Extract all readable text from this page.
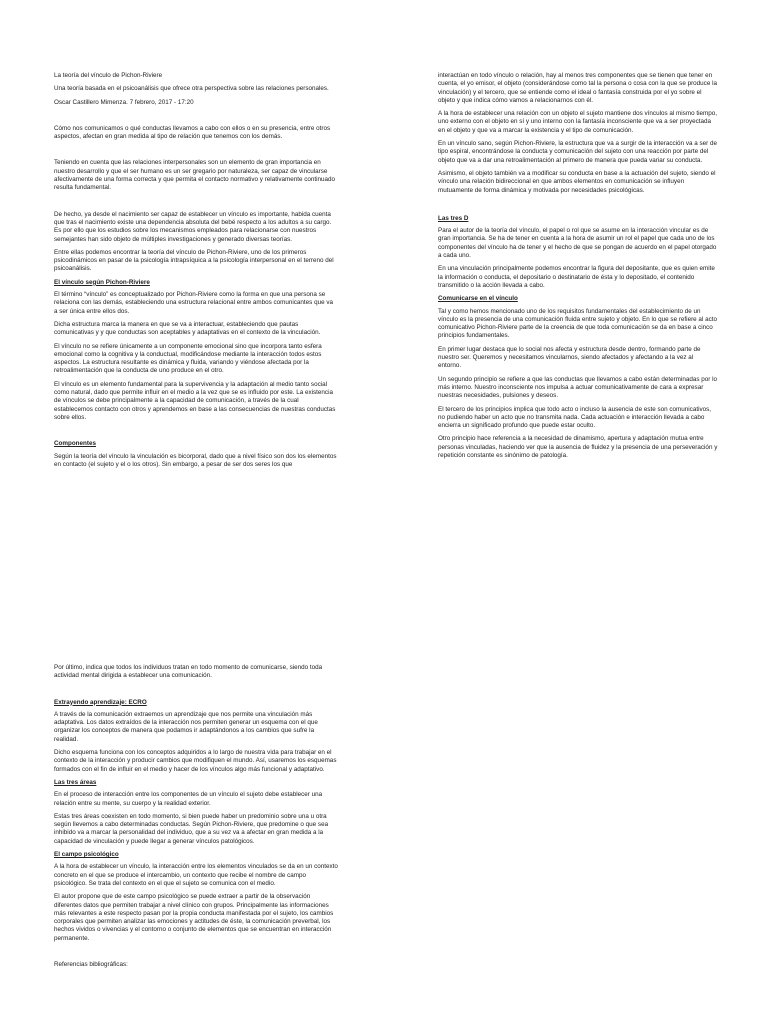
La teoría del vínculo de Pichon-Riviere

Una teoría basada en el psicoanálisis que ofrece otra perspectiva sobre las relaciones personales.

Oscar Castillero Mimenza. 7 febrero, 2017 - 17:20

Cómo nos comunicamos o qué conductas llevamos a cabo con ellos o en su presencia, entre otros aspectos, afectan en gran medida al tipo de relación que tenemos con los demás.

Teniendo en cuenta que las relaciones interpersonales son un elemento de gran importancia en nuestro desarrollo y que el ser humano es un ser gregario por naturaleza, ser capaz de vincularse afectivamente de una forma correcta y que permita el contacto normativo y relativamente continuado resulta fundamental.

De hecho, ya desde el nacimiento ser capaz de establecer un vínculo es importante, habida cuenta que tras el nacimiento existe una dependencia absoluta del bebé respecto a los adultos a su cargo. Es por ello que los estudios sobre los mecanismos empleados para relacionarse con nuestros semejantes han sido objeto de múltiples investigaciones y generado diversas teorías.

Entre ellas podemos encontrar la teoría del vínculo de Pichon-Riviere, uno de los primeros psicodinámicos en pasar de la psicología intrapsíquica a la psicología interpersonal en el terreno del psicoanálisis.

El vínculo según Pichon-Riviere

El término “vínculo” es conceptualizado por Pichon-Riviere como la forma en que una persona se relaciona con las demás, estableciendo una estructura relacional entre ambos comunicantes que va a ser única entre ellos dos.

Dicha estructura marca la manera en que se va a interactuar, estableciendo que pautas comunicativas y y que conductas son aceptables y adaptativas en el contexto de la vinculación.

El vínculo no se refiere únicamente a un componente emocional sino que incorpora tanto esfera emocional como la cognitiva y la conductual, modificándose mediante la interacción todos estos aspectos. La estructura resultante es dinámica y fluida, variando y viéndose afectada por la retroalimentación que la conducta de uno produce en el otro.

El vínculo es un elemento fundamental para la supervivencia y la adaptación al medio tanto social como natural, dado que permite influir en el medio a la vez que se es influido por este. La existencia de vínculos se debe principalmente a la capacidad de comunicación, a través de la cual establecemos contacto con otros y aprendemos en base a las consecuencias de nuestras conductas sobre ellos.

Componentes

Según la teoría del vínculo la vinculación es bicorporal, dado que a nivel físico son dos los elementos en contacto (el sujeto y el o los otros). Sin embargo, a pesar de ser dos seres los que

interactúan en todo vínculo o relación, hay al menos tres componentes que se tienen que tener en cuenta, el yo emisor, el objeto (considerándose como tal la persona o cosa con la que se produce la vinculación) y el tercero, que se entiende como el ideal o fantasía construida por el yo sobre el objeto y que indica cómo vamos a relacionarnos con él.

A la hora de establecer una relación con un objeto el sujeto mantiene dos vínculos al mismo tiempo, uno externo con el objeto en sí y uno interno con la fantasía inconsciente que va a ser proyectada en el objeto y que va a marcar la existencia y el tipo de comunicación.

En un vínculo sano, según Pichon-Riviere, la estructura que va a surgir de la interacción va a ser de tipo espiral, encontrándose la conducta y comunicación del sujeto con una reacción por parte del objeto que va a dar una retroalimentación al primero de manera que pueda variar su conducta.

Asimismo, el objeto también va a modificar su conducta en base a la actuación del sujeto, siendo el vínculo una relación bidireccional en que ambos elementos en comunicación se influyen mutuamente de forma dinámica y motivada por necesidades psicológicas.

Las tres D

Para el autor de la teoría del vínculo, el papel o rol que se asume en la interacción vincular es de gran importancia. Se ha de tener en cuenta a la hora de asumir un rol el papel que cada uno de los componentes del vínculo ha de tener y el hecho de que se pongan de acuerdo en el papel otorgado a cada uno.

En una vinculación principalmente podemos encontrar la figura del depositante, que es quien emite la información o conducta, el depositario o destinatario de ésta y lo depositado, el contenido transmitido o la acción llevada a cabo.

Comunicarse en el vínculo

Tal y como hemos mencionado uno de los requisitos fundamentales del establecimiento de un vínculo es la presencia de una comunicación fluida entre sujeto y objeto. En lo que se refiere al acto comunicativo Pichon-Riviere parte de la creencia de que toda comunicación se da en base a cinco principios fundamentales.

En primer lugar destaca que lo social nos afecta y estructura desde dentro, formando parte de nuestro ser. Queremos y necesitamos vincularnos, siendo afectados y afectando a la vez al entorno.

Un segundo principio se refiere a que las conductas que llevamos a cabo están determinadas por lo más interno. Nuestro inconsciente nos impulsa a actuar comunicativamente de cara a expresar nuestras necesidades, pulsiones y deseos.

El tercero de los principios implica que todo acto o incluso la ausencia de este son comunicativos, no pudiendo haber un acto que no transmita nada. Cada actuación e interacción llevada a cabo encierra un significado profundo que puede estar oculto.

Otro principio hace referencia a la necesidad de dinamismo, apertura y adaptación mutua entre personas vinculadas, haciendo ver que la ausencia de fluidez y la presencia de una perseveración y repetición constante es sinónimo de patología.

Por último, indica que todos los individuos tratan en todo momento de comunicarse, siendo toda actividad mental dirigida a establecer una comunicación.

Extrayendo aprendizaje: ECRO

A través de la comunicación extraemos un aprendizaje que nos permite una vinculación más adaptativa. Los datos extraídos de la interacción nos permiten generar un esquema con el que organizar los conceptos de manera que podamos ir adaptándonos a los cambios que sufre la realidad.

Dicho esquema funciona con los conceptos adquiridos a lo largo de nuestra vida para trabajar en el contexto de la interacción y producir cambios que modifiquen el mundo. Así, usaremos los esquemas formados con el fin de influir en el medio y hacer de los vínculos algo más funcional y adaptativo.

Las tres áreas

En el proceso de interacción entre los componentes de un vínculo el sujeto debe establecer una relación entre su mente, su cuerpo y la realidad exterior.

Estas tres áreas coexisten en todo momento, si bien puede haber un predominio sobre una u otra según llevemos a cabo determinadas conductas. Según Pichon-Riviere, que predomine o que sea inhibido va a marcar la personalidad del individuo, que a su vez va a afectar en gran medida a la capacidad de vinculación y puede llegar a generar vínculos patológicos.

El campo psicológico

A la hora de establecer un vínculo, la interacción entre los elementos vinculados se da en un contexto concreto en el que se produce el intercambio, un contexto que recibe el nombre de campo psicológico. Se trata del contexto en el que el sujeto se comunica con el medio.

El autor propone que de este campo psicológico se puede extraer a partir de la observación diferentes datos que permiten trabajar a nivel clínico con grupos. Principalmente las informaciones más relevantes a este respecto pasan por la propia conducta manifestada por el sujeto, los cambios corporales que permiten analizar las emociones y actitudes de éste, la comunicación preverbal, los hechos vividos o vivencias y el contorno o conjunto de elementos que se encuentran en interacción permanente.

Referencias bibliográficas:
